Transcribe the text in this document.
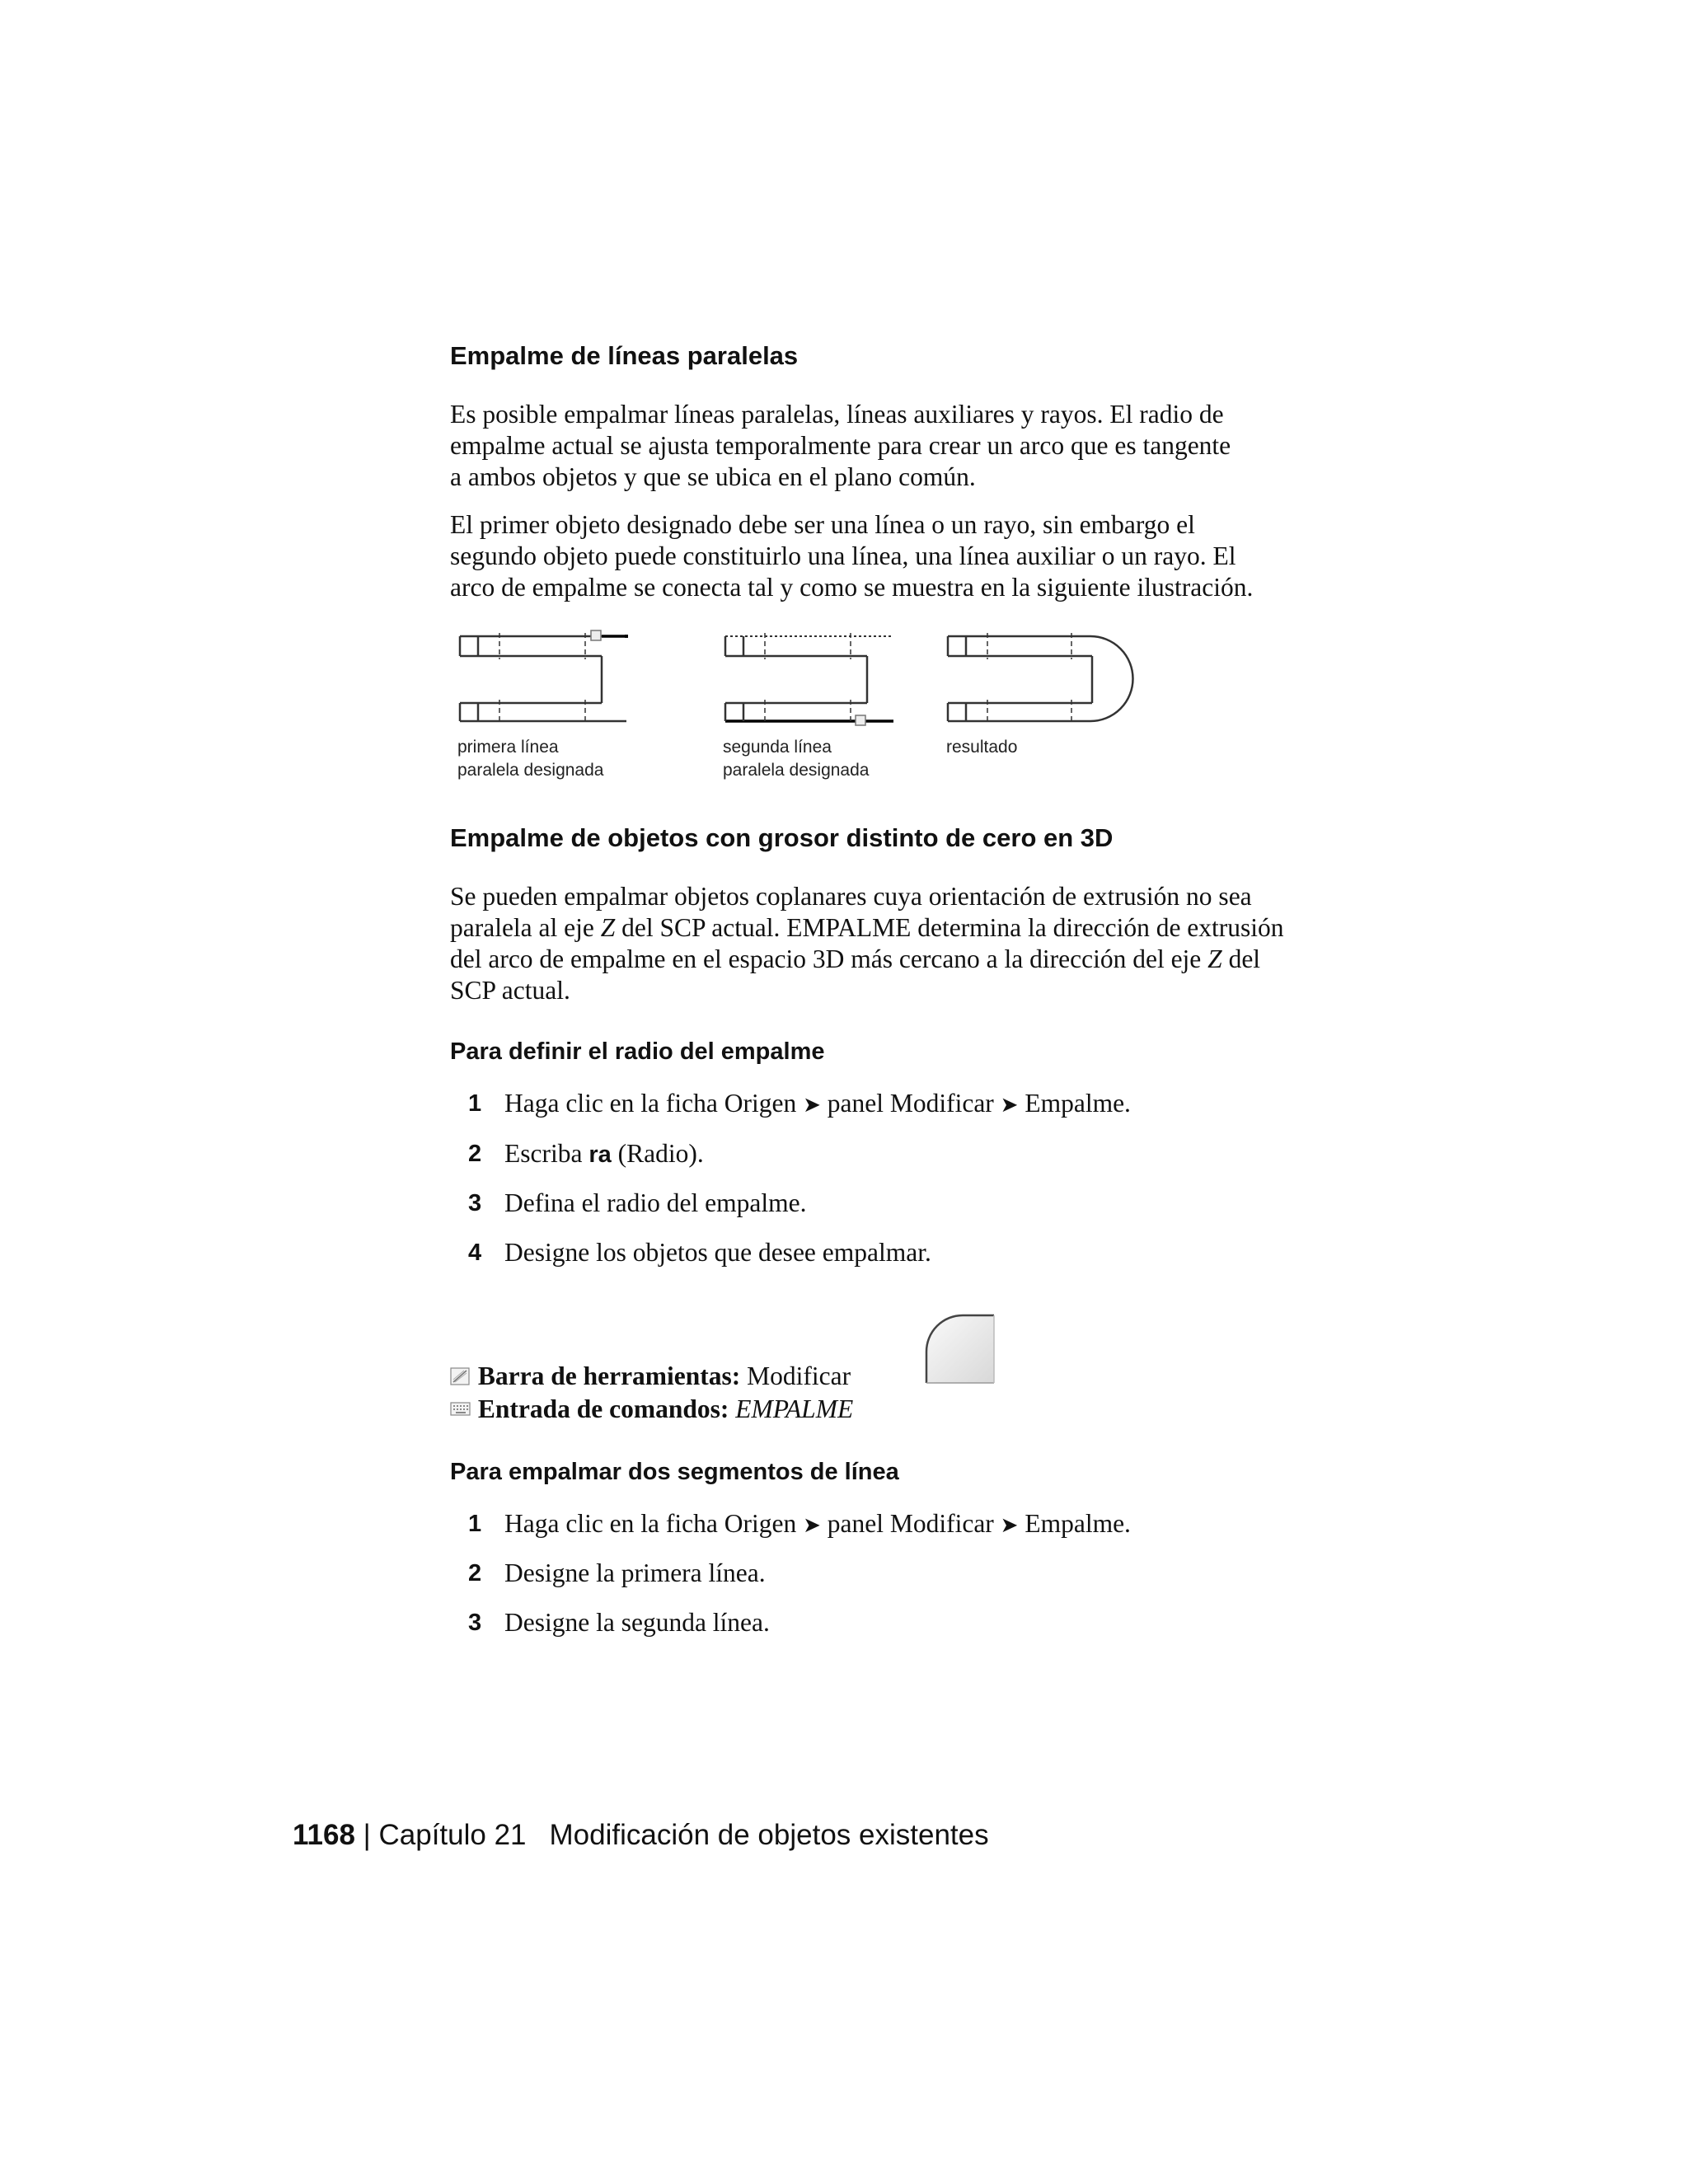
Empalme de líneas paralelas
Es posible empalmar líneas paralelas, líneas auxiliares y rayos. El radio de
empalme actual se ajusta temporalmente para crear un arco que es tangente
a ambos objetos y que se ubica en el plano común.
El primer objeto designado debe ser una línea o un rayo, sin embargo el
segundo objeto puede constituirlo una línea, una línea auxiliar o un rayo. El
arco de empalme se conecta tal y como se muestra en la siguiente ilustración.
primera línea
paralela designada
segunda línea
paralela designada
resultado
Empalme de objetos con grosor distinto de cero en 3D
Se pueden empalmar objetos coplanares cuya orientación de extrusión no sea
paralela al eje Z del SCP actual. EMPALME determina la dirección de extrusión
del arco de empalme en el espacio 3D más cercano a la dirección del eje Z del
SCP actual.
Para definir el radio del empalme
1 Haga clic en la ficha Origen ➤ panel Modificar ➤ Empalme.
2 Escriba ra (Radio).
3 Defina el radio del empalme.
4 Designe los objetos que desee empalmar.
Barra de herramientas: Modificar
Entrada de comandos: EMPALME
Para empalmar dos segmentos de línea
1 Haga clic en la ficha Origen ➤ panel Modificar ➤ Empalme.
2 Designe la primera línea.
3 Designe la segunda línea.
1168 | Capítulo 21 Modificación de objetos existentes
